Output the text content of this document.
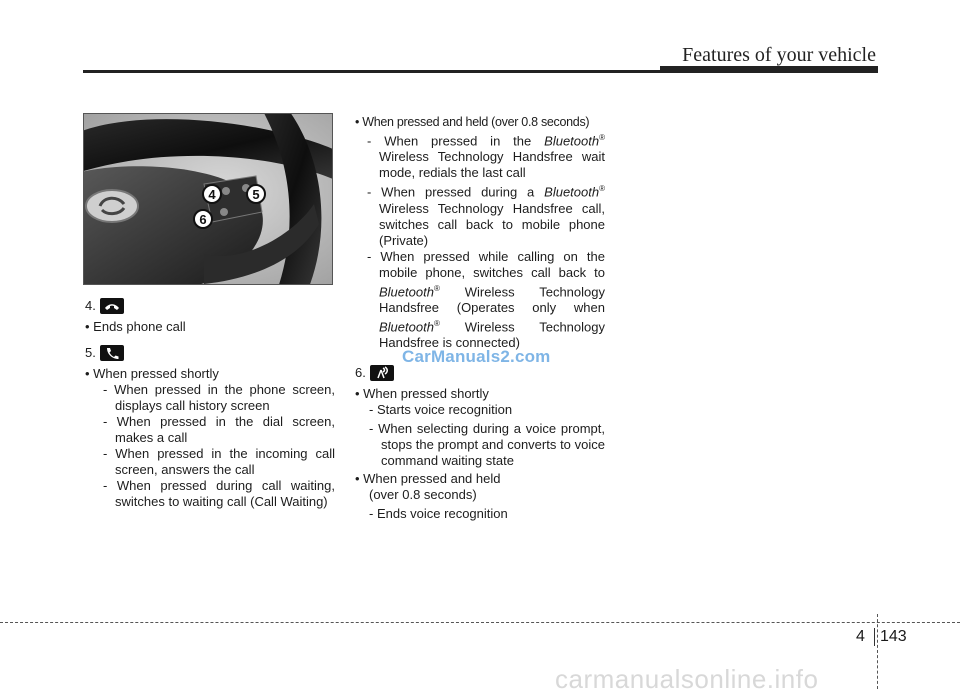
Features of your vehicle
4	5
6
4.

• Ends phone call

5.

• When pressed shortly

- When pressed in the phone screen, displays call history screen

- When pressed in the dial screen, makes a call

- When pressed in the incoming call screen, answers the call

- When pressed during call waiting, switches to waiting call (Call Waiting)

• When pressed and held (over 0.8 seconds)

- When pressed in the Bluetooth® Wireless Technology Handsfree wait mode, redials the last call

- When pressed during a Bluetooth® Wireless Technology Handsfree call, switches call back to mobile phone (Private)

- When pressed while calling on the mobile phone, switches call back to Bluetooth® Wireless Technology Handsfree (Operates only when Bluetooth® Wireless Technology Handsfree is connected)

6.

• When pressed shortly

- Starts voice recognition

- When selecting during a voice prompt, stops the prompt and converts to voice command waiting state

• When pressed and held

(over 0.8 seconds)

- Ends voice recognition

CarManuals2.com
4 143
carmanualsonline.info
